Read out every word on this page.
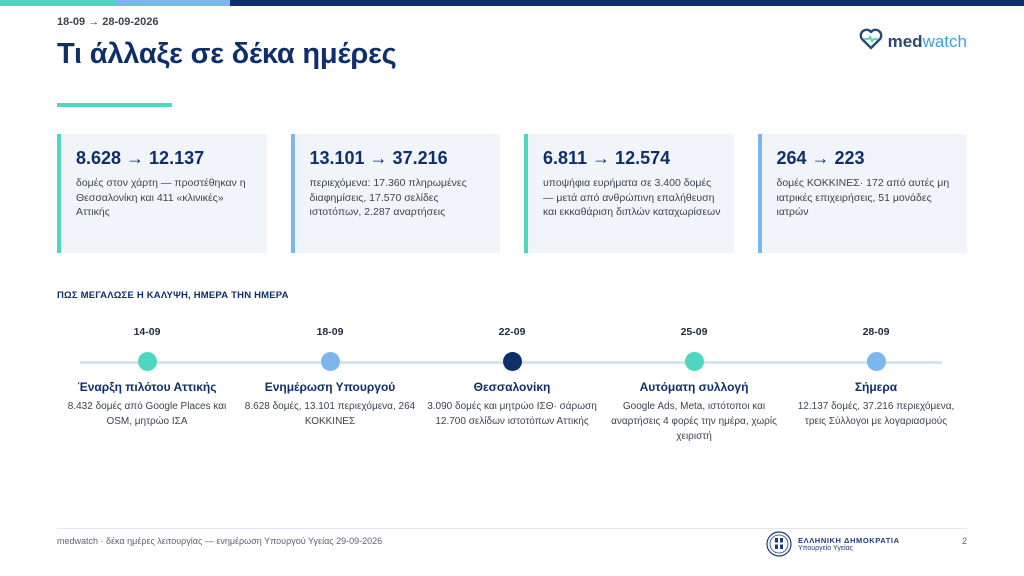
18-09 → 28-09-2026
Τι άλλαξε σε δέκα ημέρες	medwatch
8.628 → 12.137
δομές στον χάρτη — προστέθηκαν η Θεσσαλονίκη και 411 «κλινικές» Αττικής
13.101 → 37.216
περιεχόμενα: 17.360 πληρωμένες διαφημίσεις, 17.570 σελίδες ιστοτόπων, 2.287 αναρτήσεις
6.811 → 12.574
υποψήφια ευρήματα σε 3.400 δομές — μετά από ανθρώπινη επαλήθευση και εκκαθάριση διπλών καταχωρίσεων
264 → 223
δομές ΚΟΚΚΙΝΕΣ· 172 από αυτές μη ιατρικές επιχειρήσεις, 51 μονάδες ιατρών
ΠΩΣ ΜΕΓΑΛΩΣΕ Η ΚΑΛΥΨΗ, ΗΜΕΡΑ ΤΗΝ ΗΜΕΡΑ
14-09
Έναρξη πιλότου Αττικής
8.432 δομές από Google Places και OSM, μητρώο ΙΣΑ
18-09
Ενημέρωση Υπουργού
8.628 δομές, 13.101 περιεχόμενα, 264 ΚΟΚΚΙΝΕΣ
22-09
Θεσσαλονίκη
3.090 δομές και μητρώο ΙΣΘ· σάρωση 12.700 σελίδων ιστοτόπων Αττικής
25-09
Αυτόματη συλλογή
Google Ads, Meta, ιστότοποι και αναρτήσεις 4 φορές την ημέρα, χωρίς χειριστή
28-09
Σήμερα
12.137 δομές, 37.216 περιεχόμενα, τρεις Σύλλογοι με λογαριασμούς
medwatch · δέκα ημέρες λειτουργίας — ενημέρωση Υπουργού Υγείας 29-09-2026	ΕΛΛΗΝΙΚΗ ΔΗΜΟΚΡΑΤΙΑ
Υπουργείο Υγείας
2
